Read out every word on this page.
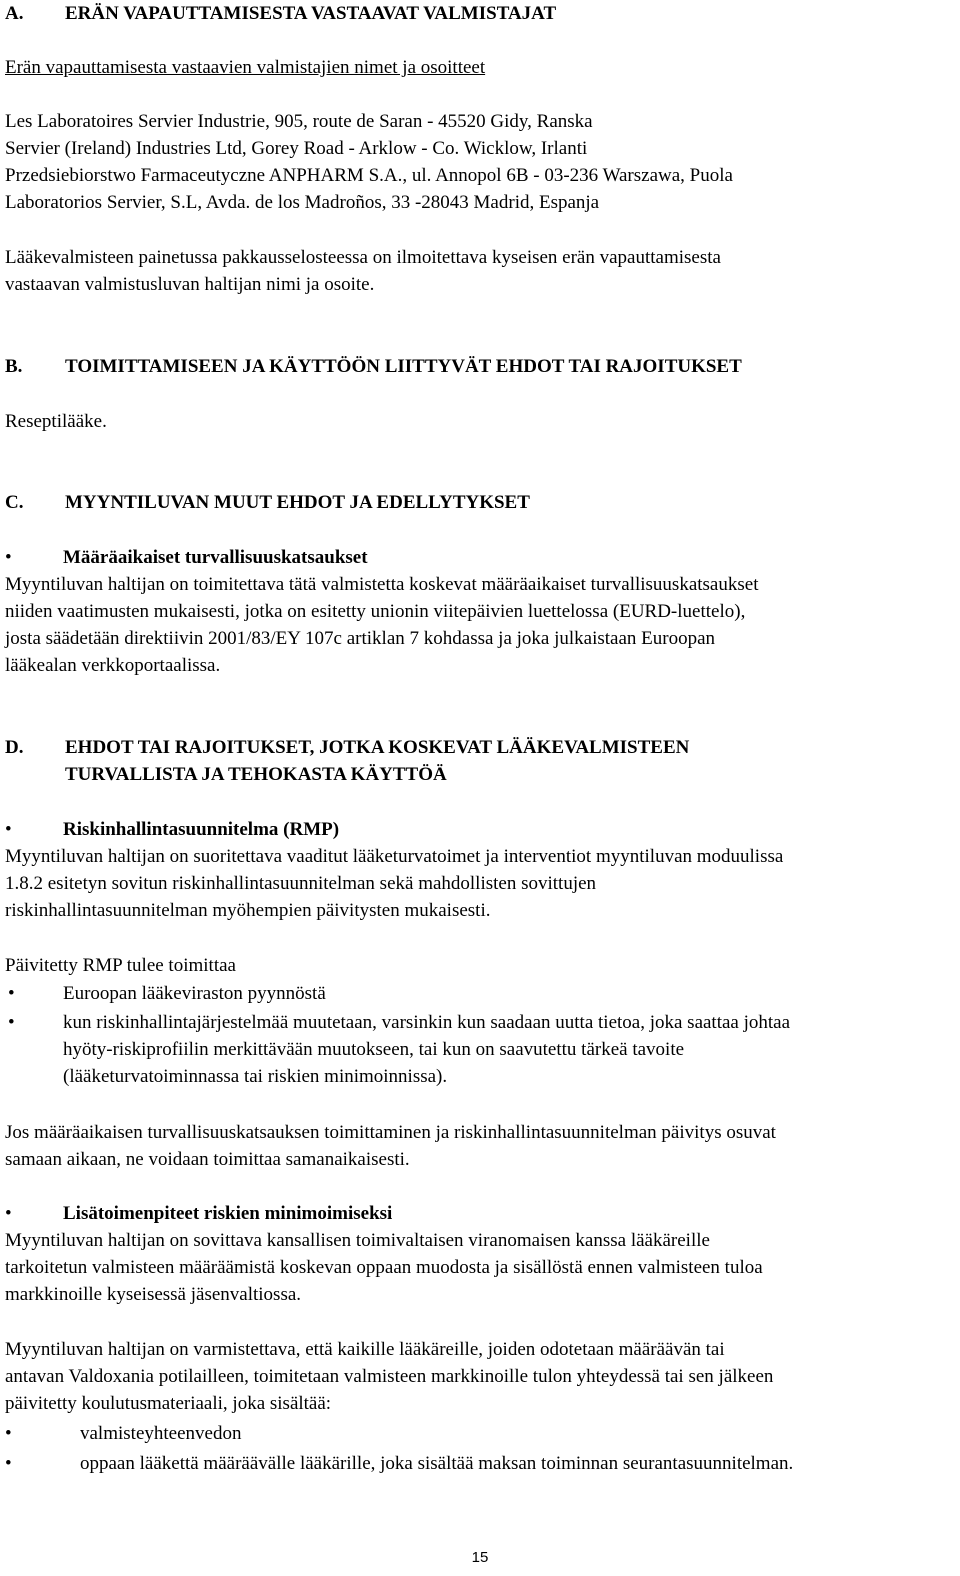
A. ERÄN VAPAUTTAMISESTA VASTAAVAT VALMISTAJAT
Erän vapauttamisesta vastaavien valmistajien nimet ja osoitteet
Les Laboratoires Servier Industrie, 905, route de Saran - 45520 Gidy, Ranska
Servier (Ireland) Industries Ltd, Gorey Road - Arklow - Co. Wicklow, Irlanti
Przedsiebiorstwo Farmaceutyczne ANPHARM S.A., ul. Annopol 6B - 03-236 Warszawa, Puola
Laboratorios Servier, S.L, Avda. de los Madroños, 33 -28043 Madrid, Espanja
Lääkevalmisteen painetussa pakkausselosteessa on ilmoitettava kyseisen erän vapauttamisesta
vastaavan valmistusluvan haltijan nimi ja osoite.
B. TOIMITTAMISEEN JA KÄYTTÖÖN LIITTYVÄT EHDOT TAI RAJOITUKSET
Reseptilääke.
C. MYYNTILUVAN MUUT EHDOT JA EDELLYTYKSET
•	Määräaikaiset turvallisuuskatsaukset
Myyntiluvan haltijan on toimitettava tätä valmistetta koskevat määräaikaiset turvallisuuskatsaukset
niiden vaatimusten mukaisesti, jotka on esitetty unionin viitepäivien luettelossa (EURD-luettelo),
josta säädetään direktiivin 2001/83/EY 107c artiklan 7 kohdassa ja joka julkaistaan Euroopan
lääkealan verkkoportaalissa.
D. EHDOT TAI RAJOITUKSET, JOTKA KOSKEVAT LÄÄKEVALMISTEEN
TURVALLISTA JA TEHOKASTA KÄYTTÖÄ
•	Riskinhallintasuunnitelma (RMP)
Myyntiluvan haltijan on suoritettava vaaditut lääketurvatoimet ja interventiot myyntiluvan moduulissa
1.8.2 esitetyn sovitun riskinhallintasuunnitelman sekä mahdollisten sovittujen
riskinhallintasuunnitelman myöhempien päivitysten mukaisesti.
Päivitetty RMP tulee toimittaa
•	Euroopan lääkeviraston pyynnöstä
•	kun riskinhallintajärjestelmää muutetaan, varsinkin kun saadaan uutta tietoa, joka saattaa johtaa
hyöty-riskiprofiilin merkittävään muutokseen, tai kun on saavutettu tärkeä tavoite
(lääketurvatoiminnassa tai riskien minimoinnissa).
Jos määräaikaisen turvallisuuskatsauksen toimittaminen ja riskinhallintasuunnitelman päivitys osuvat
samaan aikaan, ne voidaan toimittaa samanaikaisesti.
•	Lisätoimenpiteet riskien minimoimiseksi
Myyntiluvan haltijan on sovittava kansallisen toimivaltaisen viranomaisen kanssa lääkäreille
tarkoitetun valmisteen määräämistä koskevan oppaan muodosta ja sisällöstä ennen valmisteen tuloa
markkinoille kyseisessä jäsenvaltiossa.
Myyntiluvan haltijan on varmistettava, että kaikille lääkäreille, joiden odotetaan määräävän tai
antavan Valdoxania potilailleen, toimitetaan valmisteen markkinoille tulon yhteydessä tai sen jälkeen
päivitetty koulutusmateriaali, joka sisältää:
•	valmisteyhteenvedon
•	oppaan lääkettä määräävälle lääkärille, joka sisältää maksan toiminnan seurantasuunnitelman.
15
